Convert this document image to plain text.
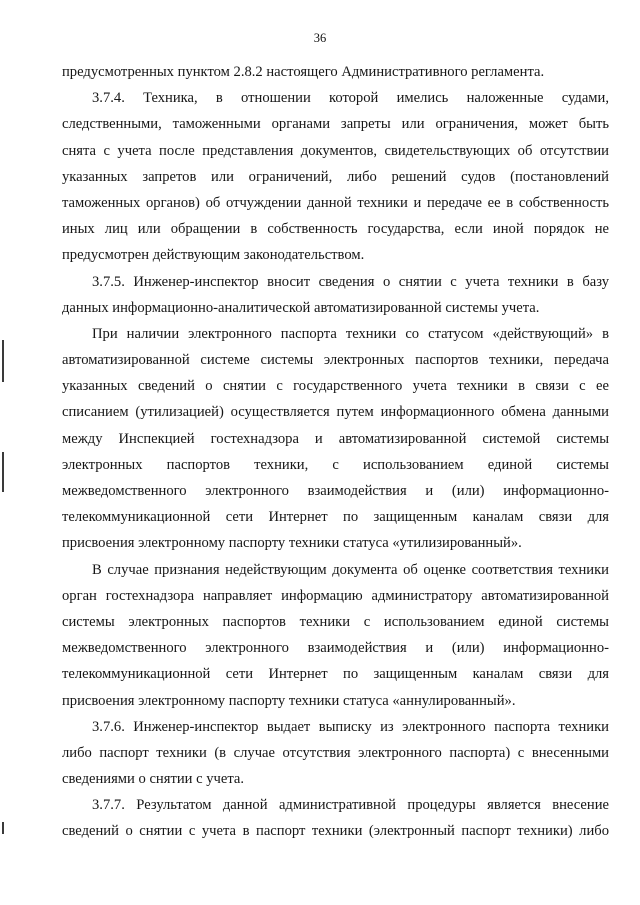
36
предусмотренных пунктом 2.8.2 настоящего Административного регламента.
3.7.4. Техника, в отношении которой имелись наложенные судами,
следственными, таможенными органами запреты или ограничения, может быть
снята с учета после представления документов, свидетельствующих об отсутствии
указанных запретов или ограничений, либо решений судов (постановлений
таможенных органов) об отчуждении данной техники и передаче ее в собственность
иных лиц или обращении в собственность государства, если иной порядок не
предусмотрен действующим законодательством.
3.7.5. Инженер-инспектор вносит сведения о снятии с учета техники в базу
данных информационно-аналитической автоматизированной системы учета.
При наличии электронного паспорта техники со статусом «действующий» в
автоматизированной системе системы электронных паспортов техники, передача
указанных сведений о снятии с государственного учета техники в связи с ее
списанием (утилизацией) осуществляется путем информационного обмена данными
между Инспекцией гостехнадзора и автоматизированной системой системы
электронных паспортов техники, с использованием единой системы
межведомственного электронного взаимодействия и (или) информационно-
телекоммуникационной сети Интернет по защищенным каналам связи для
присвоения электронному паспорту техники статуса «утилизированный».
В случае признания недействующим документа об оценке соответствия техники
орган гостехнадзора направляет информацию администратору автоматизированной
системы электронных паспортов техники с использованием единой системы
межведомственного электронного взаимодействия и (или) информационно-
телекоммуникационной сети Интернет по защищенным каналам связи для
присвоения электронному паспорту техники статуса «аннулированный».
3.7.6. Инженер-инспектор выдает выписку из электронного паспорта техники
либо паспорт техники (в случае отсутствия электронного паспорта) с внесенными
сведениями о снятии с учета.
3.7.7. Результатом данной административной процедуры является внесение
сведений о снятии с учета в паспорт техники (электронный паспорт техники) либо
